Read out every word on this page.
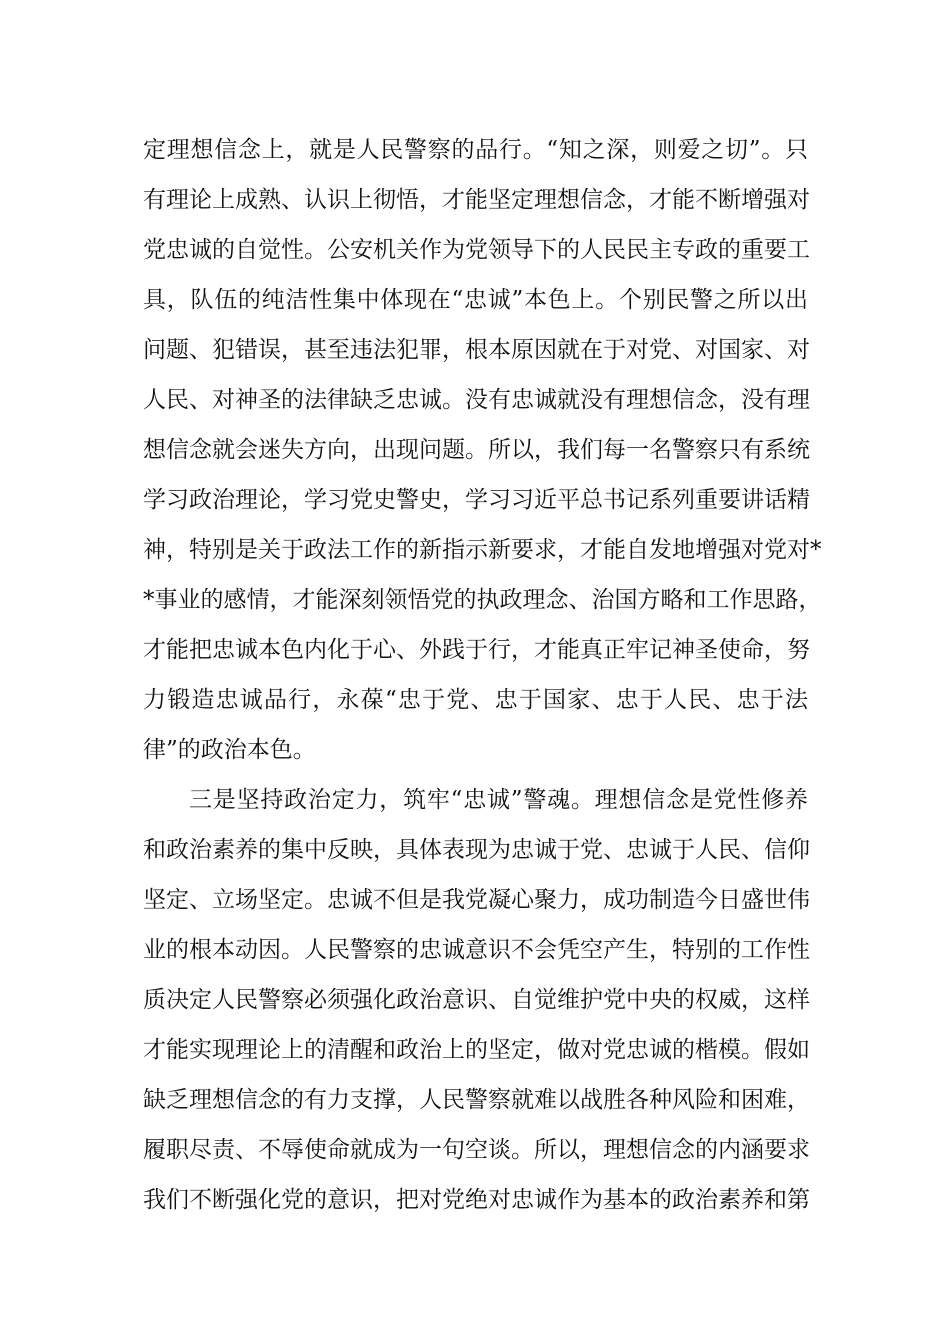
定理想信念上，就是人民警察的品行。“知之深，则爱之切”。只
有理论上成熟、认识上彻悟，才能坚定理想信念，才能不断增强对
党忠诚的自觉性。公安机关作为党领导下的人民民主专政的重要工
具，队伍的纯洁性集中体现在“忠诚”本色上。个别民警之所以出
问题、犯错误，甚至违法犯罪，根本原因就在于对党、对国家、对
人民、对神圣的法律缺乏忠诚。没有忠诚就没有理想信念，没有理
想信念就会迷失方向，出现问题。所以，我们每一名警察只有系统
学习政治理论，学习党史警史，学习习近平总书记系列重要讲话精
神，特别是关于政法工作的新指示新要求，才能自发地增强对党对*
*事业的感情，才能深刻领悟党的执政理念、治国方略和工作思路，
才能把忠诚本色内化于心、外践于行，才能真正牢记神圣使命，努
力锻造忠诚品行，永葆“忠于党、忠于国家、忠于人民、忠于法
律”的政治本色。
三是坚持政治定力，筑牢“忠诚”警魂。理想信念是党性修养
和政治素养的集中反映，具体表现为忠诚于党、忠诚于人民、信仰
坚定、立场坚定。忠诚不但是我党凝心聚力，成功制造今日盛世伟
业的根本动因。人民警察的忠诚意识不会凭空产生，特别的工作性
质决定人民警察必须强化政治意识、自觉维护党中央的权威，这样
才能实现理论上的清醒和政治上的坚定，做对党忠诚的楷模。假如
缺乏理想信念的有力支撑，人民警察就难以战胜各种风险和困难，
履职尽责、不辱使命就成为一句空谈。所以，理想信念的内涵要求
我们不断强化党的意识，把对党绝对忠诚作为基本的政治素养和第
